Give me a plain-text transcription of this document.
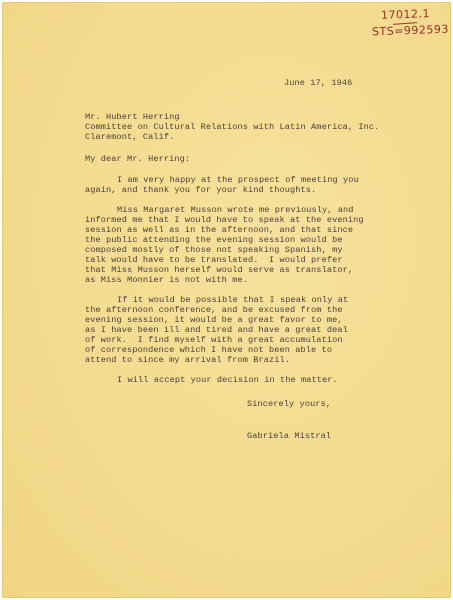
17012.1
STS=992593
June 17, 1946
Mr. Hubert Herring
Committee on Cultural Relations with Latin America, Inc.
Claremont, Calif.
My dear Mr. Herring:
I am very happy at the prospect of meeting you
again, and thank you for your kind thoughts.
Miss Margaret Musson wrote me previously, and
informed me that I would have to speak at the evening
session as well as in the afternoon, and that since
the public attending the evening session would be
composed mostly of those not speaking Spanish, my
talk would have to be translated.  I would prefer
that Miss Musson herself would serve as translator,
as Miss Monnier is not with me.
If it would be possible that I speak only at
the afternoon conference, and be excused from the
evening session, it would be a great favor to me,
as I have been ill and tired and have a great deal
of work.  I find myself with a great accumulation
of correspondence which I have not been able to
attend to since my arrival from Brazil.
I will accept your decision in the matter.
Sincerely yours,
Gabriela Mistral
